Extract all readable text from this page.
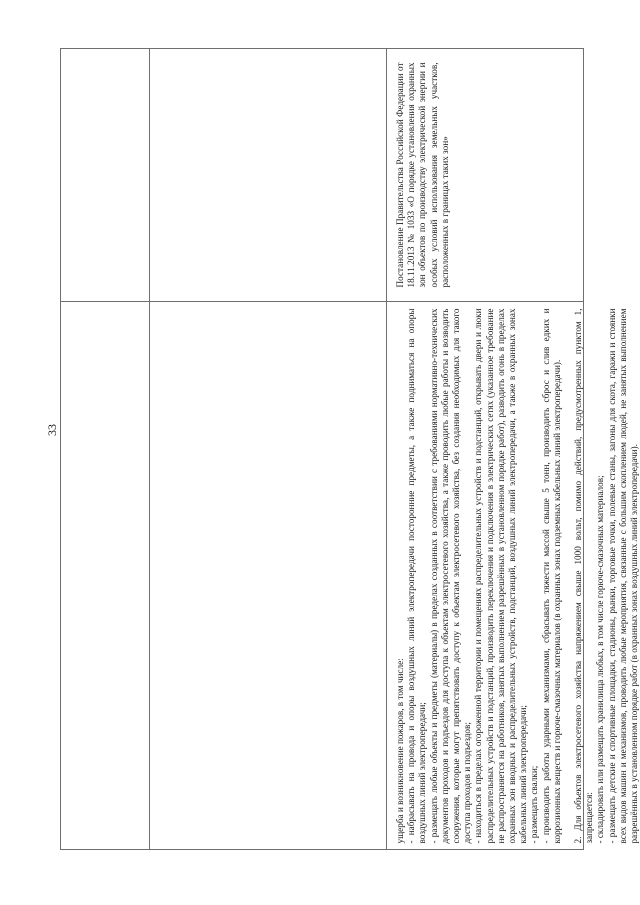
33

Постановление Правительства Российской Федерации от 18.11.2013 № 1033 «О порядке установления охранных зон объектов по производству электрической энергии и особых условий использования земельных участков, расположенных в границах таких зон»

ущерба и возникновение пожаров, в том числе: - набрасывать на провода и опоры воздушных линий электропередачи посторонние предметы, а также подниматься на опоры воздушных линий электропередачи; - размещать любые объекты и предметы (материалы) в пределах созданных в соответствии с требованиями нормативно-технических документов проходов и подъездов для доступа к объектам электросетевого хозяйства, а также проводить любые работы и возводить сооружения, которые могут препятствовать доступу к объектам электросетевого хозяйства, без создания необходимых для такого доступа проходов и подъездов; - находиться в пределах огороженной территории и помещениях распределительных устройств и подстанций, открывать двери и люки распределительных устройств и подстанций, производить переключения и подключения в электрических сетях (указанное требование не распространяется на работников, занятых выполнением разрешённых в установленном порядке работ), разводить огонь в пределах охранных зон вводных и распределительных устройств, подстанций, воздушных линий электропередачи, а также в охранных зонах кабельных линий электропередачи; - размещать свалки; - производить работы ударными механизмами, сбрасывать тяжести массой свыше 5 тонн, производить сброс и слив едких и коррозионных веществ и горюче-смазочных материалов (в охранных зонах подземных кабельных линий электропередачи). 2. Для объектов электросетевого хозяйства напряжением свыше 1000 вольт, помимо действий, предусмотренных пунктом 1, запрещается: - складировать или размещать хранилища любых, в том числе горюче-смазочных материалов; - размещать детские и спортивные площадки, стадионы, рынки, торговые точки, полевые станы, загоны для скота, гаражи и стоянки всех видов машин и механизмов, проводить любые мероприятия, связанные с большим скоплением людей, не занятых выполнением разрешённых в установленном порядке работ (в охранных зонах воздушных линий электропередачи).
